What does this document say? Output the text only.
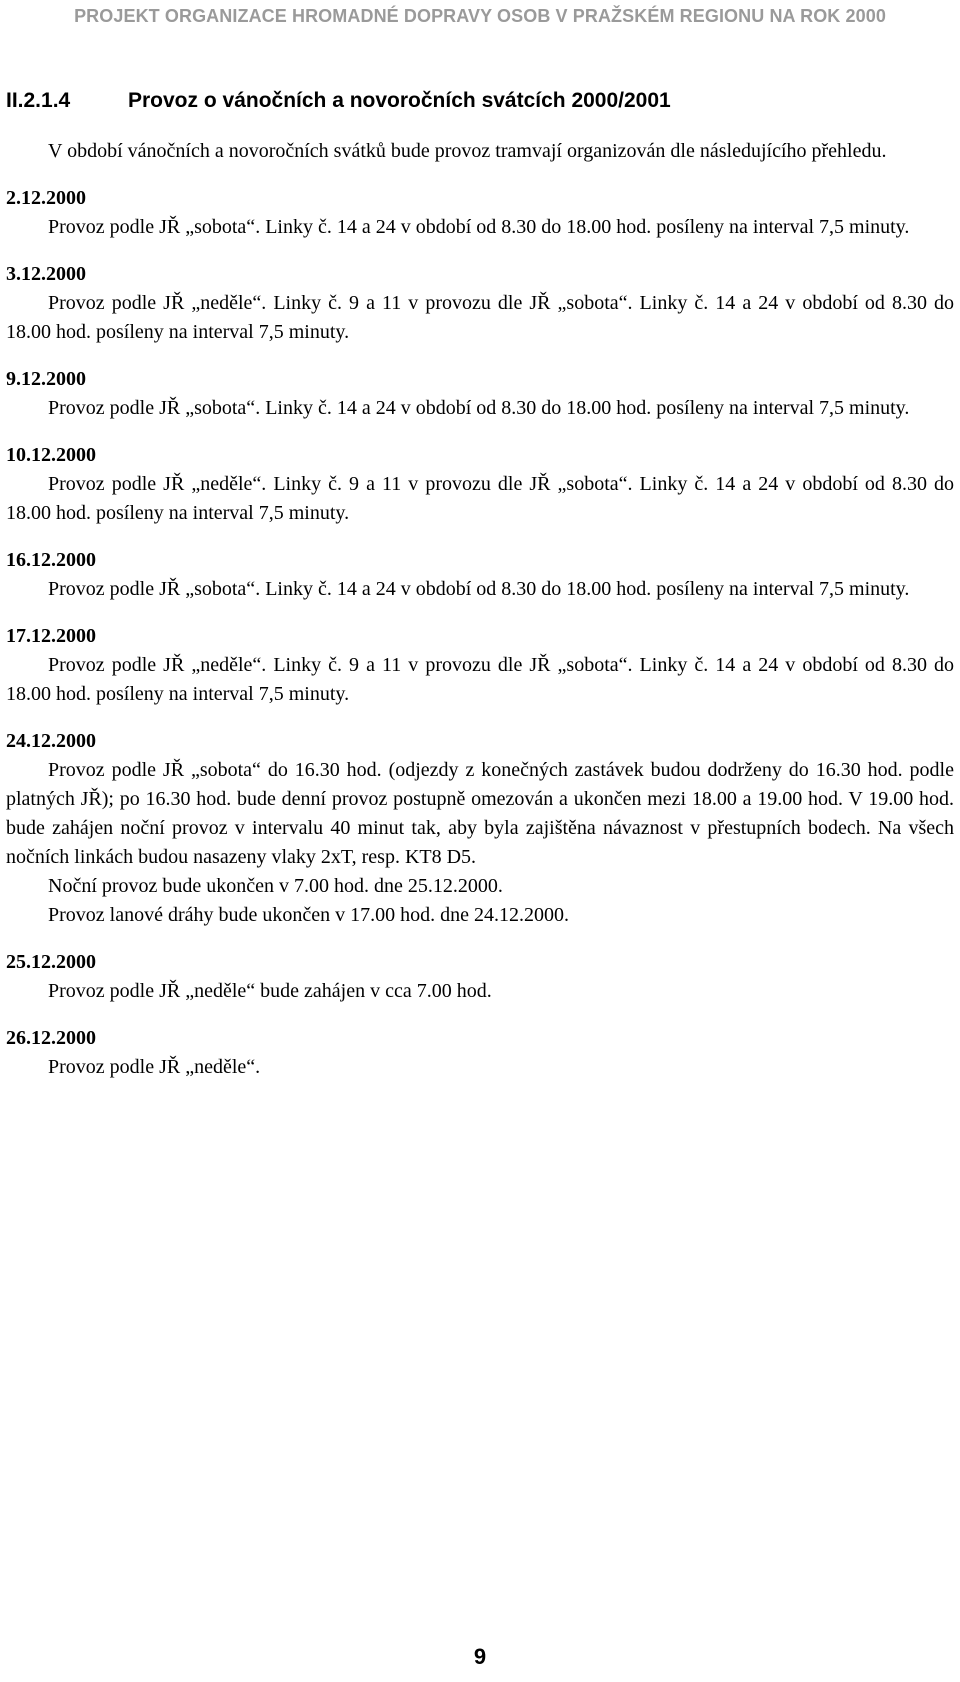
PROJEKT ORGANIZACE HROMADNÉ DOPRAVY OSOB V PRAŽSKÉM REGIONU NA ROK 2000
II.2.1.4	Provoz o vánočních a novoročních svátcích 2000/2001

V období vánočních a novoročních svátků bude provoz tramvají organizován dle následujícího přehledu.

2.12.2000

Provoz podle JŘ „sobota“. Linky č. 14 a 24 v období od 8.30 do 18.00 hod. posíleny na interval 7,5 minuty.

3.12.2000

Provoz podle JŘ „neděle“. Linky č. 9 a 11 v provozu dle JŘ „sobota“. Linky č. 14 a 24 v období od 8.30 do 18.00 hod. posíleny na interval 7,5 minuty.

9.12.2000

Provoz podle JŘ „sobota“. Linky č. 14 a 24 v období od 8.30 do 18.00 hod. posíleny na interval 7,5 minuty.

10.12.2000

Provoz podle JŘ „neděle“. Linky č. 9 a 11 v provozu dle JŘ „sobota“. Linky č. 14 a 24 v období od 8.30 do 18.00 hod. posíleny na interval 7,5 minuty.

16.12.2000

Provoz podle JŘ „sobota“. Linky č. 14 a 24 v období od 8.30 do 18.00 hod. posíleny na interval 7,5 minuty.

17.12.2000

Provoz podle JŘ „neděle“. Linky č. 9 a 11 v provozu dle JŘ „sobota“. Linky č. 14 a 24 v období od 8.30 do 18.00 hod. posíleny na interval 7,5 minuty.

24.12.2000

Provoz podle JŘ „sobota“ do 16.30 hod. (odjezdy z konečných zastávek budou dodrženy do 16.30 hod. podle platných JŘ); po 16.30 hod. bude denní provoz postupně omezován a ukončen mezi 18.00 a 19.00 hod. V 19.00 hod. bude zahájen noční provoz v intervalu 40 minut tak, aby byla zajištěna návaznost v přestupních bodech. Na všech nočních linkách budou nasazeny vlaky 2xT, resp. KT8 D5.

Noční provoz bude ukončen v 7.00 hod. dne 25.12.2000.

Provoz lanové dráhy bude ukončen v 17.00 hod. dne 24.12.2000.

25.12.2000

Provoz podle JŘ „neděle“ bude zahájen v cca 7.00 hod.

26.12.2000

Provoz podle JŘ „neděle“.

9
